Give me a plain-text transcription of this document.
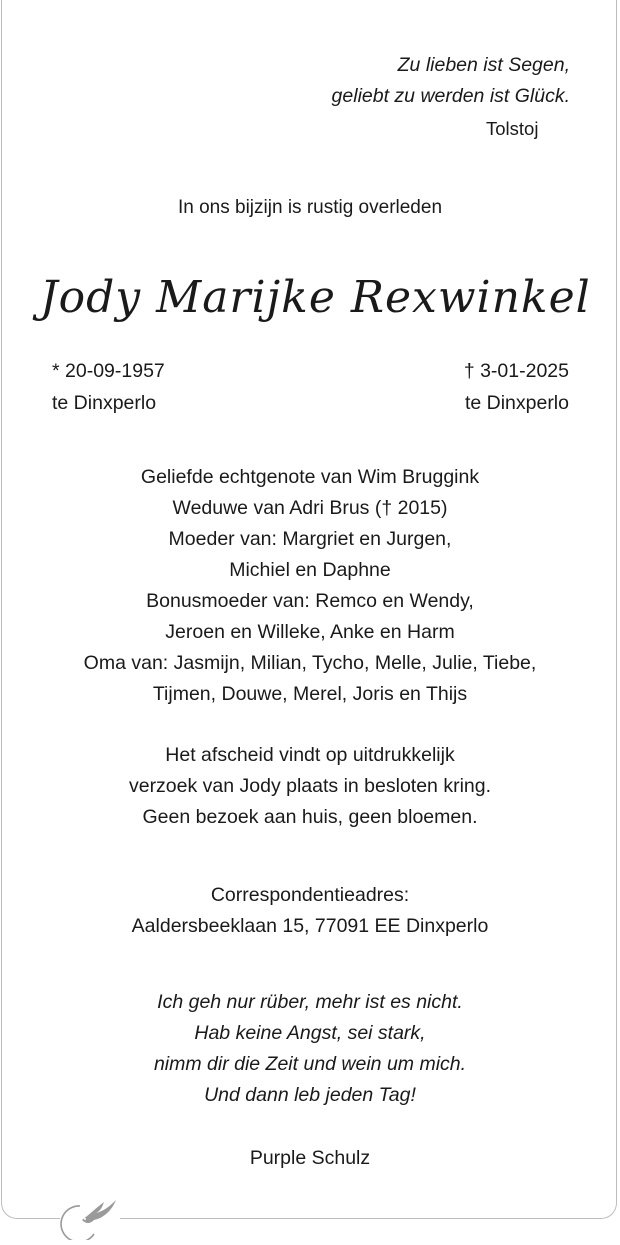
Zu lieben ist Segen,
geliebt zu werden ist Glück.
Tolstoj
In ons bijzijn is rustig overleden
Jody Marijke Rexwinkel
* 20-09-1957
te Dinxperlo
† 3-01-2025
te Dinxperlo
Geliefde echtgenote van Wim Bruggink
Weduwe van Adri Brus († 2015)
Moeder van: Margriet en Jurgen,
Michiel en Daphne
Bonusmoeder van: Remco en Wendy,
Jeroen en Willeke, Anke en Harm
Oma van: Jasmijn, Milian, Tycho, Melle, Julie, Tiebe,
Tijmen, Douwe, Merel, Joris en Thijs
Het afscheid vindt op uitdrukkelijk
verzoek van Jody plaats in besloten kring.
Geen bezoek aan huis, geen bloemen.
Correspondentieadres:
Aaldersbeeklaan 15, 77091 EE Dinxperlo
Ich geh nur rüber, mehr ist es nicht.
Hab keine Angst, sei stark,
nimm dir die Zeit und wein um mich.
Und dann leb jeden Tag!
Purple Schulz
